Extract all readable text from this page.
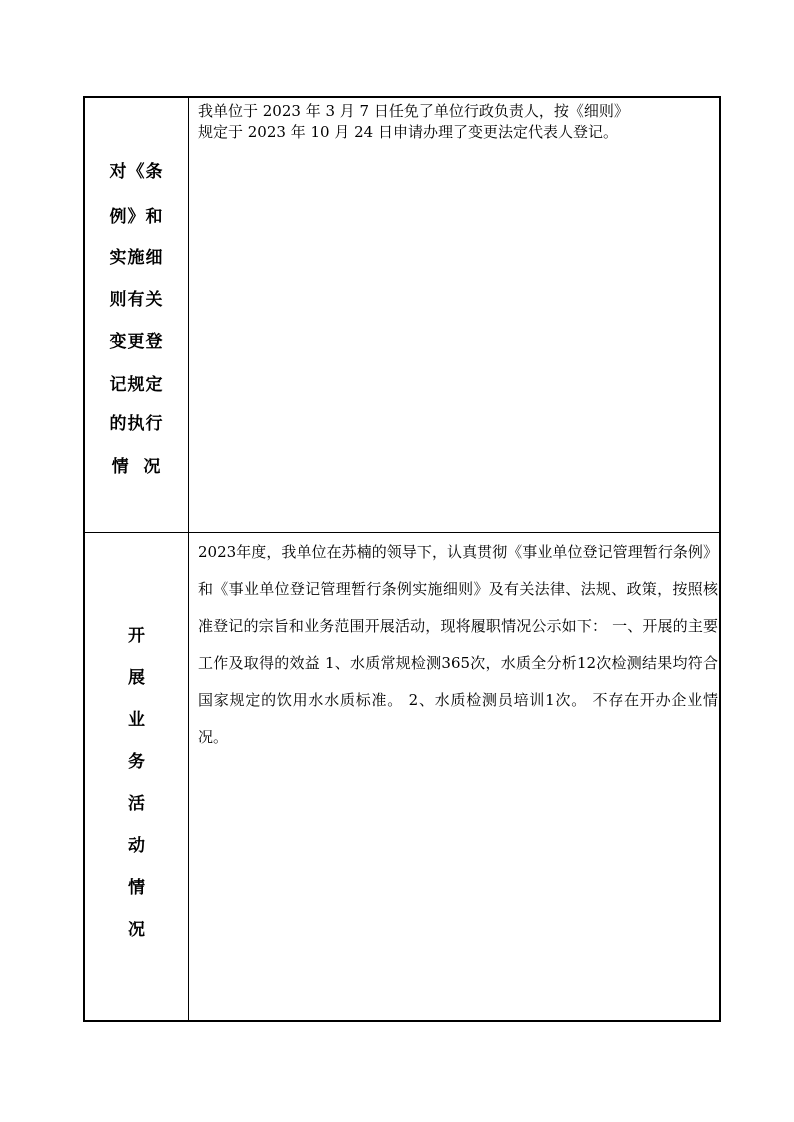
对《条
例》和
实施细
则有关
变更登
记规定
的执行
情  况
我单位于 2023 年 3 月 7 日任免了单位行政负责人，按《细则》
规定于 2023 年 10 月 24 日申请办理了变更法定代表人登记。
开
展
业
务
活
动
情
况
2023年度，我单位在苏楠的领导下，认真贯彻《事业单位登记管理暂行条例》和《事业单位登记管理暂行条例实施细则》及有关法律、法规、政策，按照核准登记的宗旨和业务范围开展活动，现将履职情况公示如下： 一、开展的主要工作及取得的效益 1、水质常规检测365次，水质全分析12次检测结果均符合国家规定的饮用水水质标准。 2、水质检测员培训1次。 不存在开办企业情况。
